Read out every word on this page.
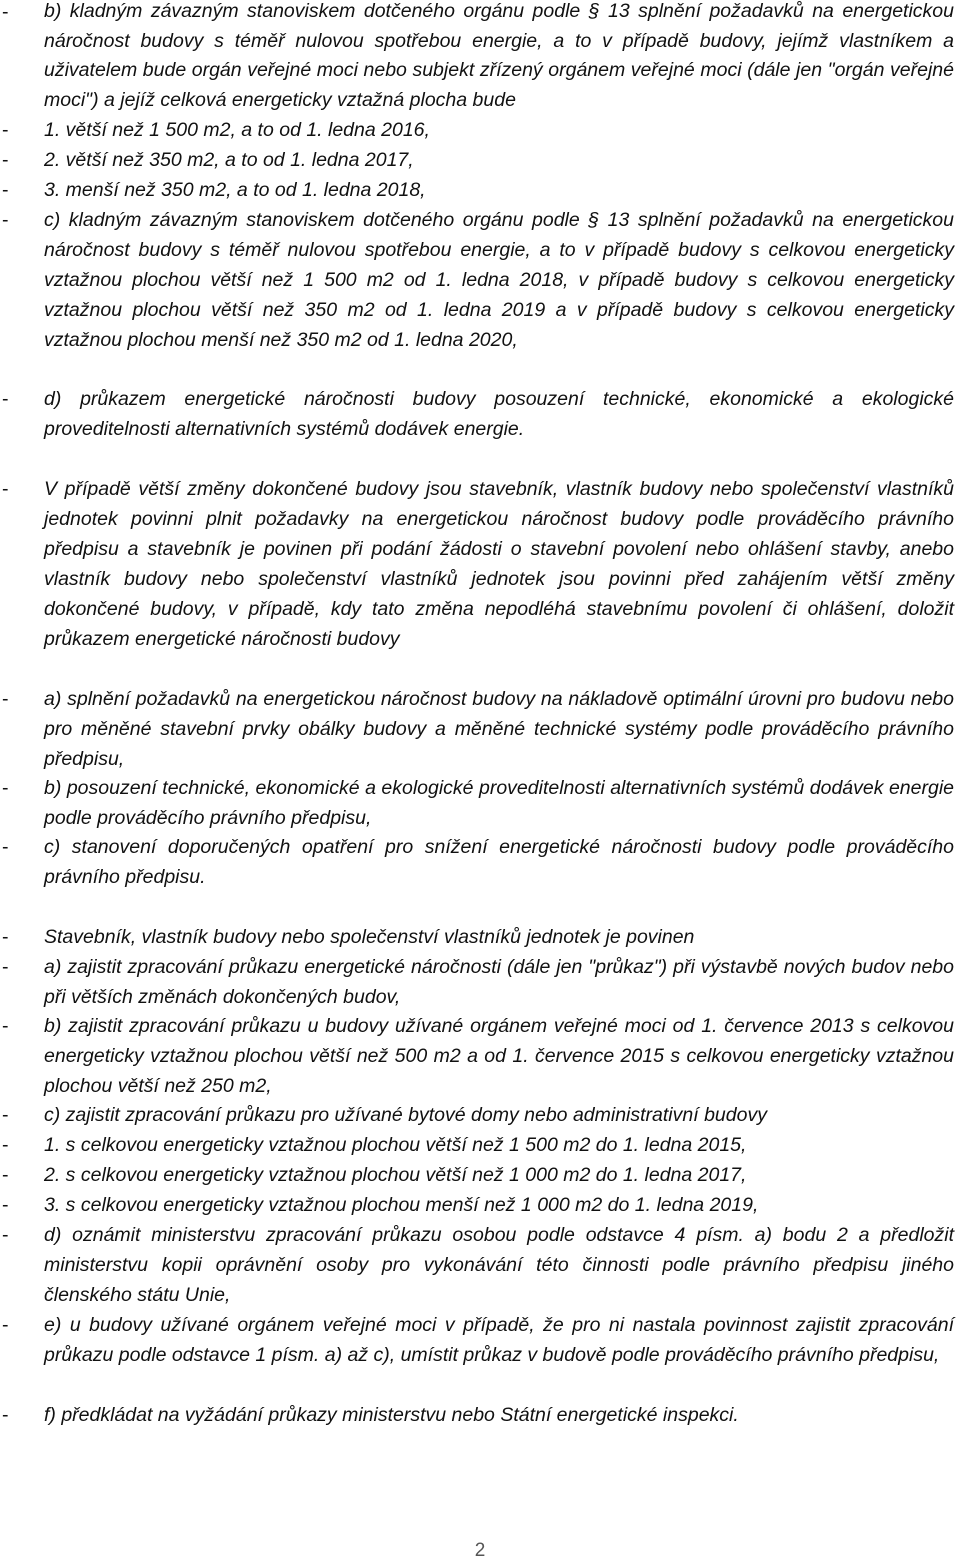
- b) kladným závazným stanoviskem dotčeného orgánu podle § 13 splnění požadavků na energetickou náročnost budovy s téměř nulovou spotřebou energie, a to v případě budovy, jejímž vlastníkem a uživatelem bude orgán veřejné moci nebo subjekt zřízený orgánem veřejné moci (dále jen "orgán veřejné moci") a jejíž celková energeticky vztažná plocha bude
- 1. větší než 1 500 m2, a to od 1. ledna 2016,
- 2. větší než 350 m2, a to od 1. ledna 2017,
- 3. menší než 350 m2, a to od 1. ledna 2018,
- c) kladným závazným stanoviskem dotčeného orgánu podle § 13 splnění požadavků na energetickou náročnost budovy s téměř nulovou spotřebou energie, a to v případě budovy s celkovou energeticky vztažnou plochou větší než 1 500 m2 od 1. ledna 2018, v případě budovy s celkovou energeticky vztažnou plochou větší než 350 m2 od 1. ledna 2019 a v případě budovy s celkovou energeticky vztažnou plochou menší než 350 m2 od 1. ledna 2020,
- d) průkazem energetické náročnosti budovy posouzení technické, ekonomické a ekologické proveditelnosti alternativních systémů dodávek energie.
- V případě větší změny dokončené budovy jsou stavebník, vlastník budovy nebo společenství vlastníků jednotek povinni plnit požadavky na energetickou náročnost budovy podle prováděcího právního předpisu a stavebník je povinen při podání žádosti o stavební povolení nebo ohlášení stavby, anebo vlastník budovy nebo společenství vlastníků jednotek jsou povinni před zahájením větší změny dokončené budovy, v případě, kdy tato změna nepodléhá stavebnímu povolení či ohlášení, doložit průkazem energetické náročnosti budovy
- a) splnění požadavků na energetickou náročnost budovy na nákladově optimální úrovni pro budovu nebo pro měněné stavební prvky obálky budovy a měněné technické systémy podle prováděcího právního předpisu,
- b) posouzení technické, ekonomické a ekologické proveditelnosti alternativních systémů dodávek energie podle prováděcího právního předpisu,
- c) stanovení doporučených opatření pro snížení energetické náročnosti budovy podle prováděcího právního předpisu.
- Stavebník, vlastník budovy nebo společenství vlastníků jednotek je povinen
- a) zajistit zpracování průkazu energetické náročnosti (dále jen "průkaz") při výstavbě nových budov nebo při větších změnách dokončených budov,
- b) zajistit zpracování průkazu u budovy užívané orgánem veřejné moci od 1. července 2013 s celkovou energeticky vztažnou plochou větší než 500 m2 a od 1. července 2015 s celkovou energeticky vztažnou plochou větší než 250 m2,
- c) zajistit zpracování průkazu pro užívané bytové domy nebo administrativní budovy
- 1. s celkovou energeticky vztažnou plochou větší než 1 500 m2 do 1. ledna 2015,
- 2. s celkovou energeticky vztažnou plochou větší než 1 000 m2 do 1. ledna 2017,
- 3. s celkovou energeticky vztažnou plochou menší než 1 000 m2 do 1. ledna 2019,
- d) oznámit ministerstvu zpracování průkazu osobou podle odstavce 4 písm. a) bodu 2 a předložit ministerstvu kopii oprávnění osoby pro vykonávání této činnosti podle právního předpisu jiného členského státu Unie,
- e) u budovy užívané orgánem veřejné moci v případě, že pro ni nastala povinnost zajistit zpracování průkazu podle odstavce 1 písm. a) až c), umístit průkaz v budově podle prováděcího právního předpisu,
- f) předkládat na vyžádání průkazy ministerstvu nebo Státní energetické inspekci.
2
